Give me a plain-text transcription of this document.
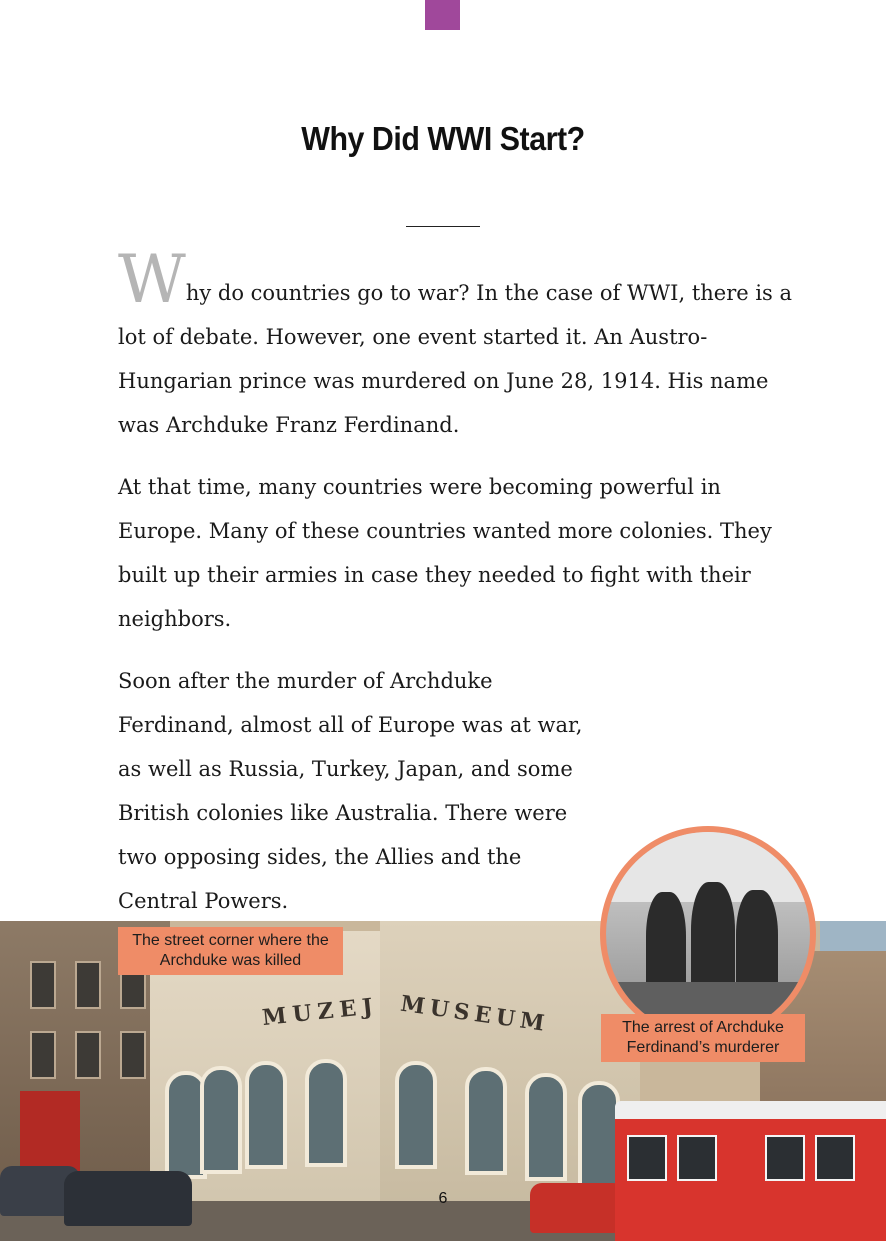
Why Did WWI Start?

Why do countries go to war? In the case of WWI, there is a lot of debate. However, one event started it. An Austro-Hungarian prince was murdered on June 28, 1914. His name was Archduke Franz Ferdinand.

At that time, many countries were becoming powerful in Europe. Many of these countries wanted more colonies. They built up their armies in case they needed to fight with their neighbors.

Soon after the murder of Archduke Ferdinand, almost all of Europe was at war, as well as Russia, Turkey, Japan, and some British colonies like Australia. There were two opposing sides, the Allies and the Central Powers.

MUZEJ MUSEUM
The street corner where the Archduke was killed
The arrest of Archduke Ferdinand’s murderer
6
